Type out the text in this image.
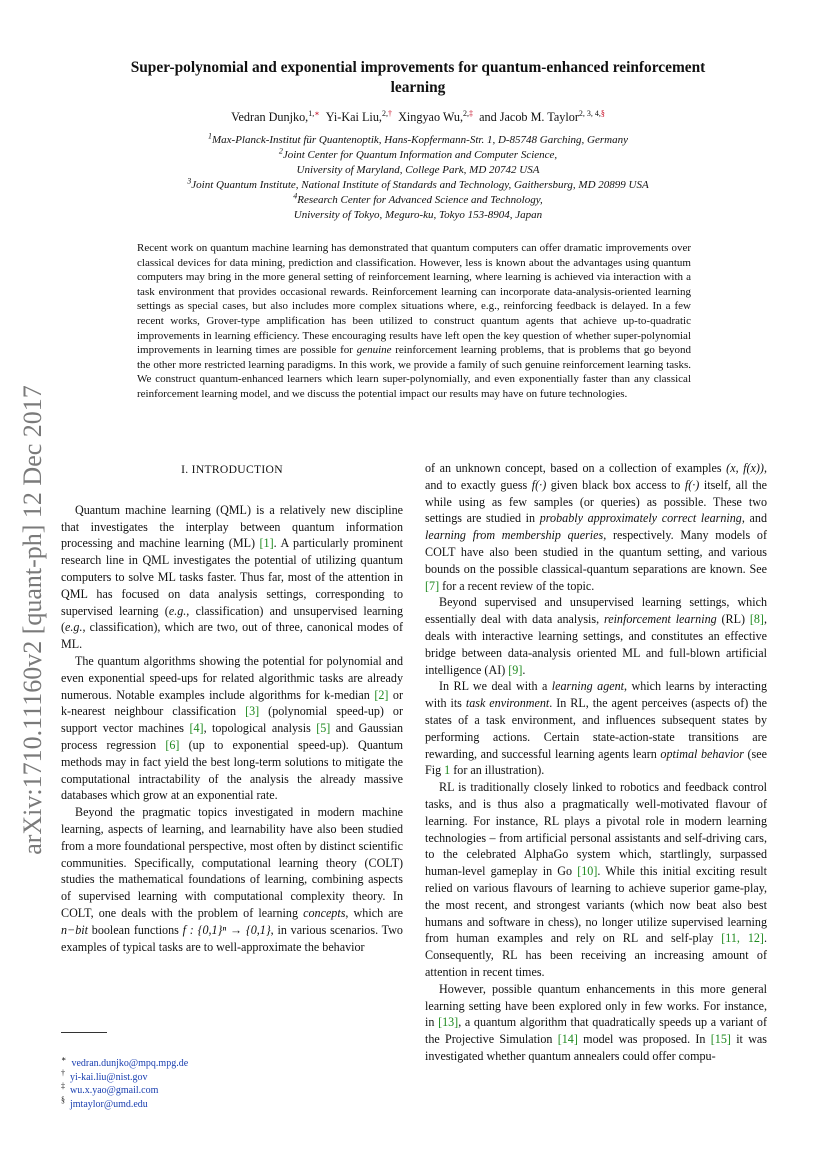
arXiv:1710.11160v2 [quant-ph] 12 Dec 2017
Super-polynomial and exponential improvements for quantum-enhanced reinforcement
learning
Vedran Dunjko,$^{1,∗}$ Yi-Kai Liu,$^{2,\dagger}$ Xingyao Wu,$^{2,\ddagger}$ and Jacob M. Taylor$^{2, 3, 4,\S}$
$^1$Max-Planck-Institut für Quantenoptik, Hans-Kopfermann-Str. 1, D-85748 Garching, Germany
$^2$Joint Center for Quantum Information and Computer Science,
University of Maryland, College Park, MD 20742 USA
$^3$Joint Quantum Institute, National Institute of Standards and Technology, Gaithersburg, MD 20899 USA
$^4$Research Center for Advanced Science and Technology,
University of Tokyo, Meguro-ku, Tokyo 153-8904, Japan
Recent work on quantum machine learning has demonstrated that quantum computers can offer dramatic improvements over classical devices for data mining, prediction and classification. However, less is known about the advantages using quantum computers may bring in the more general setting of reinforcement learning, where learning is achieved via interaction with a task environment that provides occasional rewards. Reinforcement learning can incorporate data-analysis-oriented learning settings as special cases, but also includes more complex situations where, e.g., reinforcing feedback is delayed. In a few recent works, Grover-type amplification has been utilized to construct quantum agents that achieve up-to-quadratic improvements in learning efficiency. These encouraging results have left open the key question of whether super-polynomial improvements in learning times are possible for genuine reinforcement learning problems, that is problems that go beyond the other more restricted learning paradigms. In this work, we provide a family of such genuine reinforcement learning tasks. We construct quantum-enhanced learners which learn super-polynomially, and even exponentially faster than any classical reinforcement learning model, and we discuss the potential impact our results may have on future technologies.
I. INTRODUCTION

Quantum machine learning (QML) is a relatively new discipline that investigates the interplay between quantum information processing and machine learning (ML) [1]. A particularly prominent research line in QML investigates the potential of utilizing quantum computers to solve ML tasks faster. Thus far, most of the attention in QML has focused on data analysis settings, corresponding to supervised learning (e.g., classification) and unsupervised learning (e.g., classification), which are two, out of three, canonical modes of ML.

The quantum algorithms showing the potential for polynomial and even exponential speed-ups for related algorithmic tasks are already numerous. Notable examples include algorithms for k-median [2] or k-nearest neighbour classification [3] (polynomial speed-up) or support vector machines [4], topological analysis [5] and Gaussian process regression [6] (up to exponential speed-up). Quantum methods may in fact yield the best long-term solutions to mitigate the computational intractability of the analysis the already massive databases which grow at an exponential rate.

Beyond the pragmatic topics investigated in modern machine learning, aspects of learning, and learnability have also been studied from a more foundational perspective, most often by distinct scientific communities. Specifically, computational learning theory (COLT) studies the mathematical foundations of learning, combining aspects of supervised learning with computational complexity theory. In COLT, one deals with the problem of learning concepts, which are n−bit boolean functions f : {0,1}ⁿ → {0,1}, in various scenarios. Two examples of typical tasks are to well-approximate the behavior

of an unknown concept, based on a collection of examples (x, f(x)), and to exactly guess f(·) given black box access to f(·) itself, all the while using as few samples (or queries) as possible. These two settings are studied in probably approximately correct learning, and learning from membership queries, respectively. Many models of COLT have also been studied in the quantum setting, and various bounds on the possible classical-quantum separations are known. See [7] for a recent review of the topic.

Beyond supervised and unsupervised learning settings, which essentially deal with data analysis, reinforcement learning (RL) [8], deals with interactive learning settings, and constitutes an effective bridge between data-analysis oriented ML and full-blown artificial intelligence (AI) [9].

In RL we deal with a learning agent, which learns by interacting with its task environment. In RL, the agent perceives (aspects of) the states of a task environment, and influences subsequent states by performing actions. Certain state-action-state transitions are rewarding, and successful learning agents learn optimal behavior (see Fig 1 for an illustration).

RL is traditionally closely linked to robotics and feedback control tasks, and is thus also a pragmatically well-motivated flavour of learning. For instance, RL plays a pivotal role in modern learning technologies – from artificial personal assistants and self-driving cars, to the celebrated AlphaGo system which, startlingly, surpassed human-level gameplay in Go [10]. While this initial exciting result relied on various flavours of learning to achieve superior game-play, the most recent, and strongest variants (which now beat also best humans and software in chess), no longer utilize supervised learning from human examples and rely on RL and self-play [11, 12]. Consequently, RL has been receiving an increasing amount of attention in recent times.

However, possible quantum enhancements in this more general learning setting have been explored only in few works. For instance, in [13], a quantum algorithm that quadratically speeds up a variant of the Projective Simulation [14] model was proposed. In [15] it was investigated whether quantum annealers could offer compu-

∗ vedran.dunjko@mpq.mpg.de
† yi-kai.liu@nist.gov
‡ wu.x.yao@gmail.com
§ jmtaylor@umd.edu
